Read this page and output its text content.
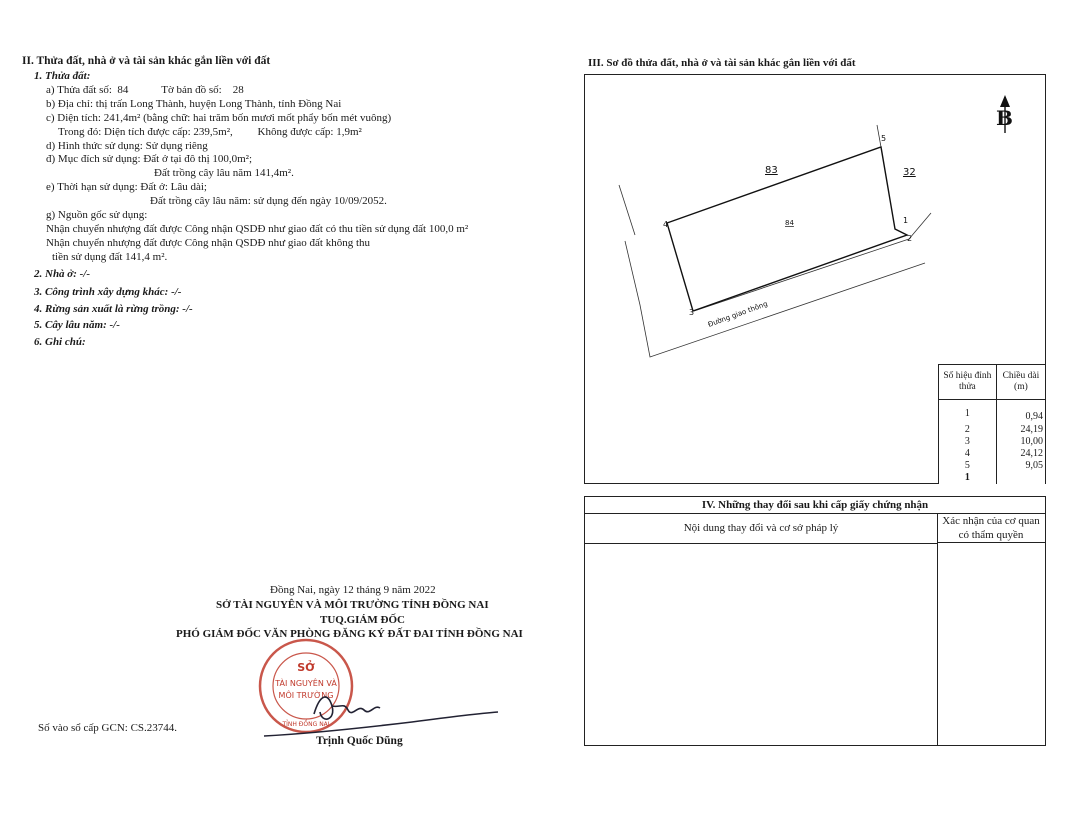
II. Thửa đất, nhà ở và tài sản khác gắn liền với đất
1. Thửa đất:
a) Thửa đất số:  84            Tờ bản đồ số:    28
b) Địa chỉ: thị trấn Long Thành, huyện Long Thành, tỉnh Đồng Nai
c) Diện tích: 241,4m² (bằng chữ: hai trăm bốn mươi mốt phẩy bốn mét vuông)
Trong đó: Diện tích được cấp: 239,5m²,         Không được cấp: 1,9m²
d) Hình thức sử dụng: Sử dụng riêng
đ) Mục đích sử dụng: Đất ở tại đô thị 100,0m²;
Đất trồng cây lâu năm 141,4m².
e) Thời hạn sử dụng: Đất ở: Lâu dài;
Đất trồng cây lâu năm: sử dụng đến ngày 10/09/2052.
g) Nguồn gốc sử dụng:
Nhận chuyển nhượng đất được Công nhận QSDĐ như giao đất có thu tiền sử dụng đất 100,0 m²
Nhận chuyển nhượng đất được Công nhận QSDĐ như giao đất không thu
tiền sử dụng đất 141,4 m².
2. Nhà ở: -/-
3. Công trình xây dựng khác: -/-
4. Rừng sản xuất là rừng trồng: -/-
5. Cây lâu năm: -/-
6. Ghi chú:
Đồng Nai, ngày 12 tháng 9 năm 2022
SỞ TÀI NGUYÊN VÀ MÔI TRƯỜNG TỈNH ĐỒNG NAI
TUQ.GIÁM ĐỐC
PHÓ GIÁM ĐỐC VĂN PHÒNG ĐĂNG KÝ ĐẤT ĐAI TỈNH ĐỒNG NAI
SỞ
TÀI NGUYÊN VÀ
MÔI TRƯỜNG
TỈNH ĐỒNG NAI
Trịnh Quốc Dũng
Số vào sổ cấp GCN: CS.23744.
III. Sơ đồ thửa đất, nhà ở và tài sản khác gắn liền với đất
B
83	32
84
Đường giao thông
5
1
2
3
4
Số hiệu đỉnh thửa	Chiều dài (m)
1	0,94
2	24,19
3	10,00
4	24,12
5	9,05
1	
IV. Những thay đổi sau khi cấp giấy chứng nhận
Nội dung thay đổi và cơ sở pháp lý
Xác nhận của cơ quan có thẩm quyền
